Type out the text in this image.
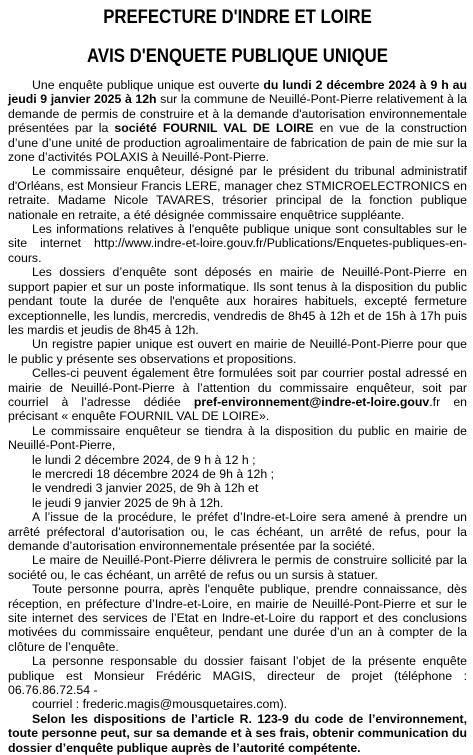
PREFECTURE D'INDRE ET LOIRE
AVIS D'ENQUETE PUBLIQUE UNIQUE

Une enquête publique unique est ouverte du lundi 2 décembre 2024 à 9 h au jeudi 9 janvier 2025 à 12h sur la commune de Neuillé-Pont-Pierre relativement à la demande de permis de construire et à la demande d'autorisation environnementale présentées par la société FOURNIL VAL DE LOIRE en vue de la construction d’une d’une unité de production agroalimentaire de fabrication de pain de mie sur la zone d’activités POLAXIS à Neuillé-Pont-Pierre.

Le commissaire enquêteur, désigné par le président du tribunal administratif d'Orléans, est Monsieur Francis LERE, manager chez STMICROELECTRONICS en retraite. Madame Nicole TAVARES, trésorier principal de la fonction publique nationale en retraite, a été désignée commissaire enquêtrice suppléante.

Les informations relatives à l'enquête publique unique sont consultables sur le site internet http://www.indre-et-loire.gouv.fr/Publications/Enquetes-publiques-en-cours.

Les dossiers d’enquête sont déposés en mairie de Neuillé-Pont-Pierre en support papier et sur un poste informatique. Ils sont tenus à la disposition du public pendant toute la durée de l'enquête aux horaires habituels, excepté fermeture exceptionnelle, les lundis, mercredis, vendredis de 8h45 à 12h et de 15h à 17h puis les mardis et jeudis de 8h45 à 12h.

Un registre papier unique est ouvert en mairie de Neuillé-Pont-Pierre pour que le public y présente ses observations et propositions.

Celles-ci peuvent également être formulées soit par courrier postal adressé en mairie de Neuillé-Pont-Pierre à l’attention du commissaire enquêteur, soit par courriel à l’adresse dédiée pref-environnement@indre-et-loire.gouv.fr en précisant « enquête FOURNIL VAL DE LOIRE».

Le commissaire enquêteur se tiendra à la disposition du public en mairie de Neuillé-Pont-Pierre,

le lundi 2 décembre 2024, de 9 h à 12 h ;
le mercredi 18 décembre 2024 de 9h à 12h ;
le vendredi 3 janvier 2025, de 9h à 12h et
le jeudi 9 janvier 2025 de 9h à 12h.

A l’issue de la procédure, le préfet d’Indre-et-Loire sera amené à prendre un arrêté préfectoral d’autorisation ou, le cas échéant, un arrêté de refus, pour la demande d’autorisation environnementale présentée par la société.

Le maire de Neuillé-Pont-Pierre délivrera le permis de construire sollicité par la société ou, le cas échéant, un arrêté de refus ou un sursis à statuer.

Toute personne pourra, après l'enquête publique, prendre connaissance, dès réception, en préfecture d’Indre-et-Loire, en mairie de Neuillé-Pont-Pierre et sur le site internet des services de l’Etat en Indre-et-Loire du rapport et des conclusions motivées du commissaire enquêteur, pendant une durée d’un an à compter de la clôture de l’enquête.

La personne responsable du dossier faisant l’objet de la présente enquête publique est Monsieur Frédéric MAGIS, directeur de projet (téléphone : 06.76.86.72.54 -

courriel : frederic.magis@mousquetaires.com).

Selon les dispositions de l’article R. 123-9 du code de l’environnement, toute personne peut, sur sa demande et à ses frais, obtenir communication du dossier d’enquête publique auprès de l’autorité compétente.
